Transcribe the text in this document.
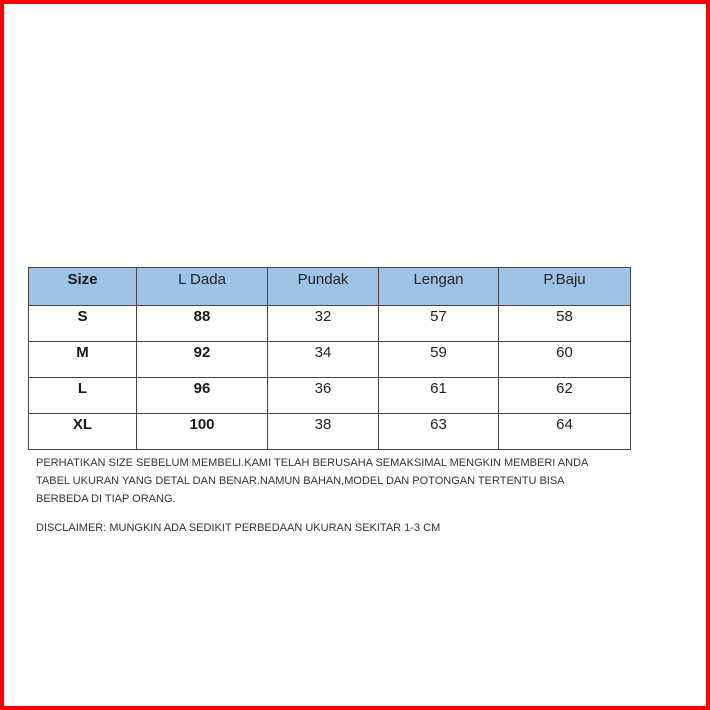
Size	L Dada	Pundak	Lengan	P.Baju
S	88	32	57	58
M	92	34	59	60
L	96	36	61	62
XL	100	38	63	64

PERHATIKAN SIZE SEBELUM MEMBELI.KAMI TELAH BERUSAHA SEMAKSIMAL MENGKIN MEMBERI ANDA
TABEL UKURAN YANG DETAL DAN BENAR.NAMUN BAHAN,MODEL DAN POTONGAN TERTENTU BISA
BERBEDA DI TIAP ORANG.

DISCLAIMER: MUNGKIN ADA SEDIKIT PERBEDAAN UKURAN SEKITAR 1-3 CM
